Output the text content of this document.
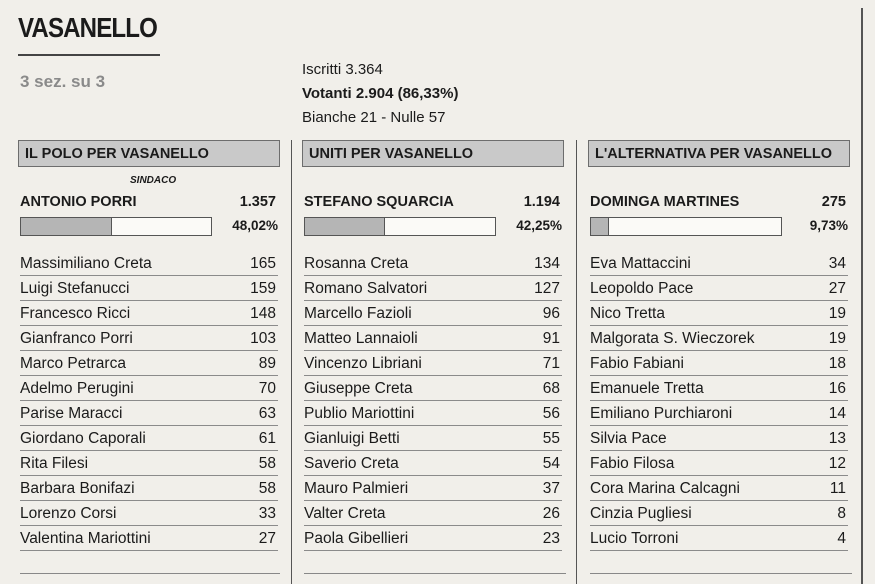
VASANELLO
3 sez. su 3
Iscritti 3.364
Votanti 2.904 (86,33%)
Bianche 21 - Nulle 57
IL POLO PER VASANELLO
SINDACO
ANTONIO PORRI	1.357
48,02%
Massimiliano Creta	165
Luigi Stefanucci	159
Francesco Ricci	148
Gianfranco Porri	103
Marco Petrarca	89
Adelmo Perugini	70
Parise Maracci	63
Giordano Caporali	61
Rita Filesi	58
Barbara Bonifazi	58
Lorenzo Corsi	33
Valentina Mariottini	27
UNITI PER VASANELLO
STEFANO SQUARCIA	1.194
42,25%
Rosanna Creta	134
Romano Salvatori	127
Marcello Fazioli	96
Matteo Lannaioli	91
Vincenzo Libriani	71
Giuseppe Creta	68
Publio Mariottini	56
Gianluigi Betti	55
Saverio Creta	54
Mauro Palmieri	37
Valter Creta	26
Paola Gibellieri	23
L'ALTERNATIVA PER VASANELLO
DOMINGA MARTINES	275
9,73%
Eva Mattaccini	34
Leopoldo Pace	27
Nico Tretta	19
Malgorata S. Wieczorek	19
Fabio Fabiani	18
Emanuele Tretta	16
Emiliano Purchiaroni	14
Silvia Pace	13
Fabio Filosa	12
Cora Marina Calcagni	11
Cinzia Pugliesi	8
Lucio Torroni	4
